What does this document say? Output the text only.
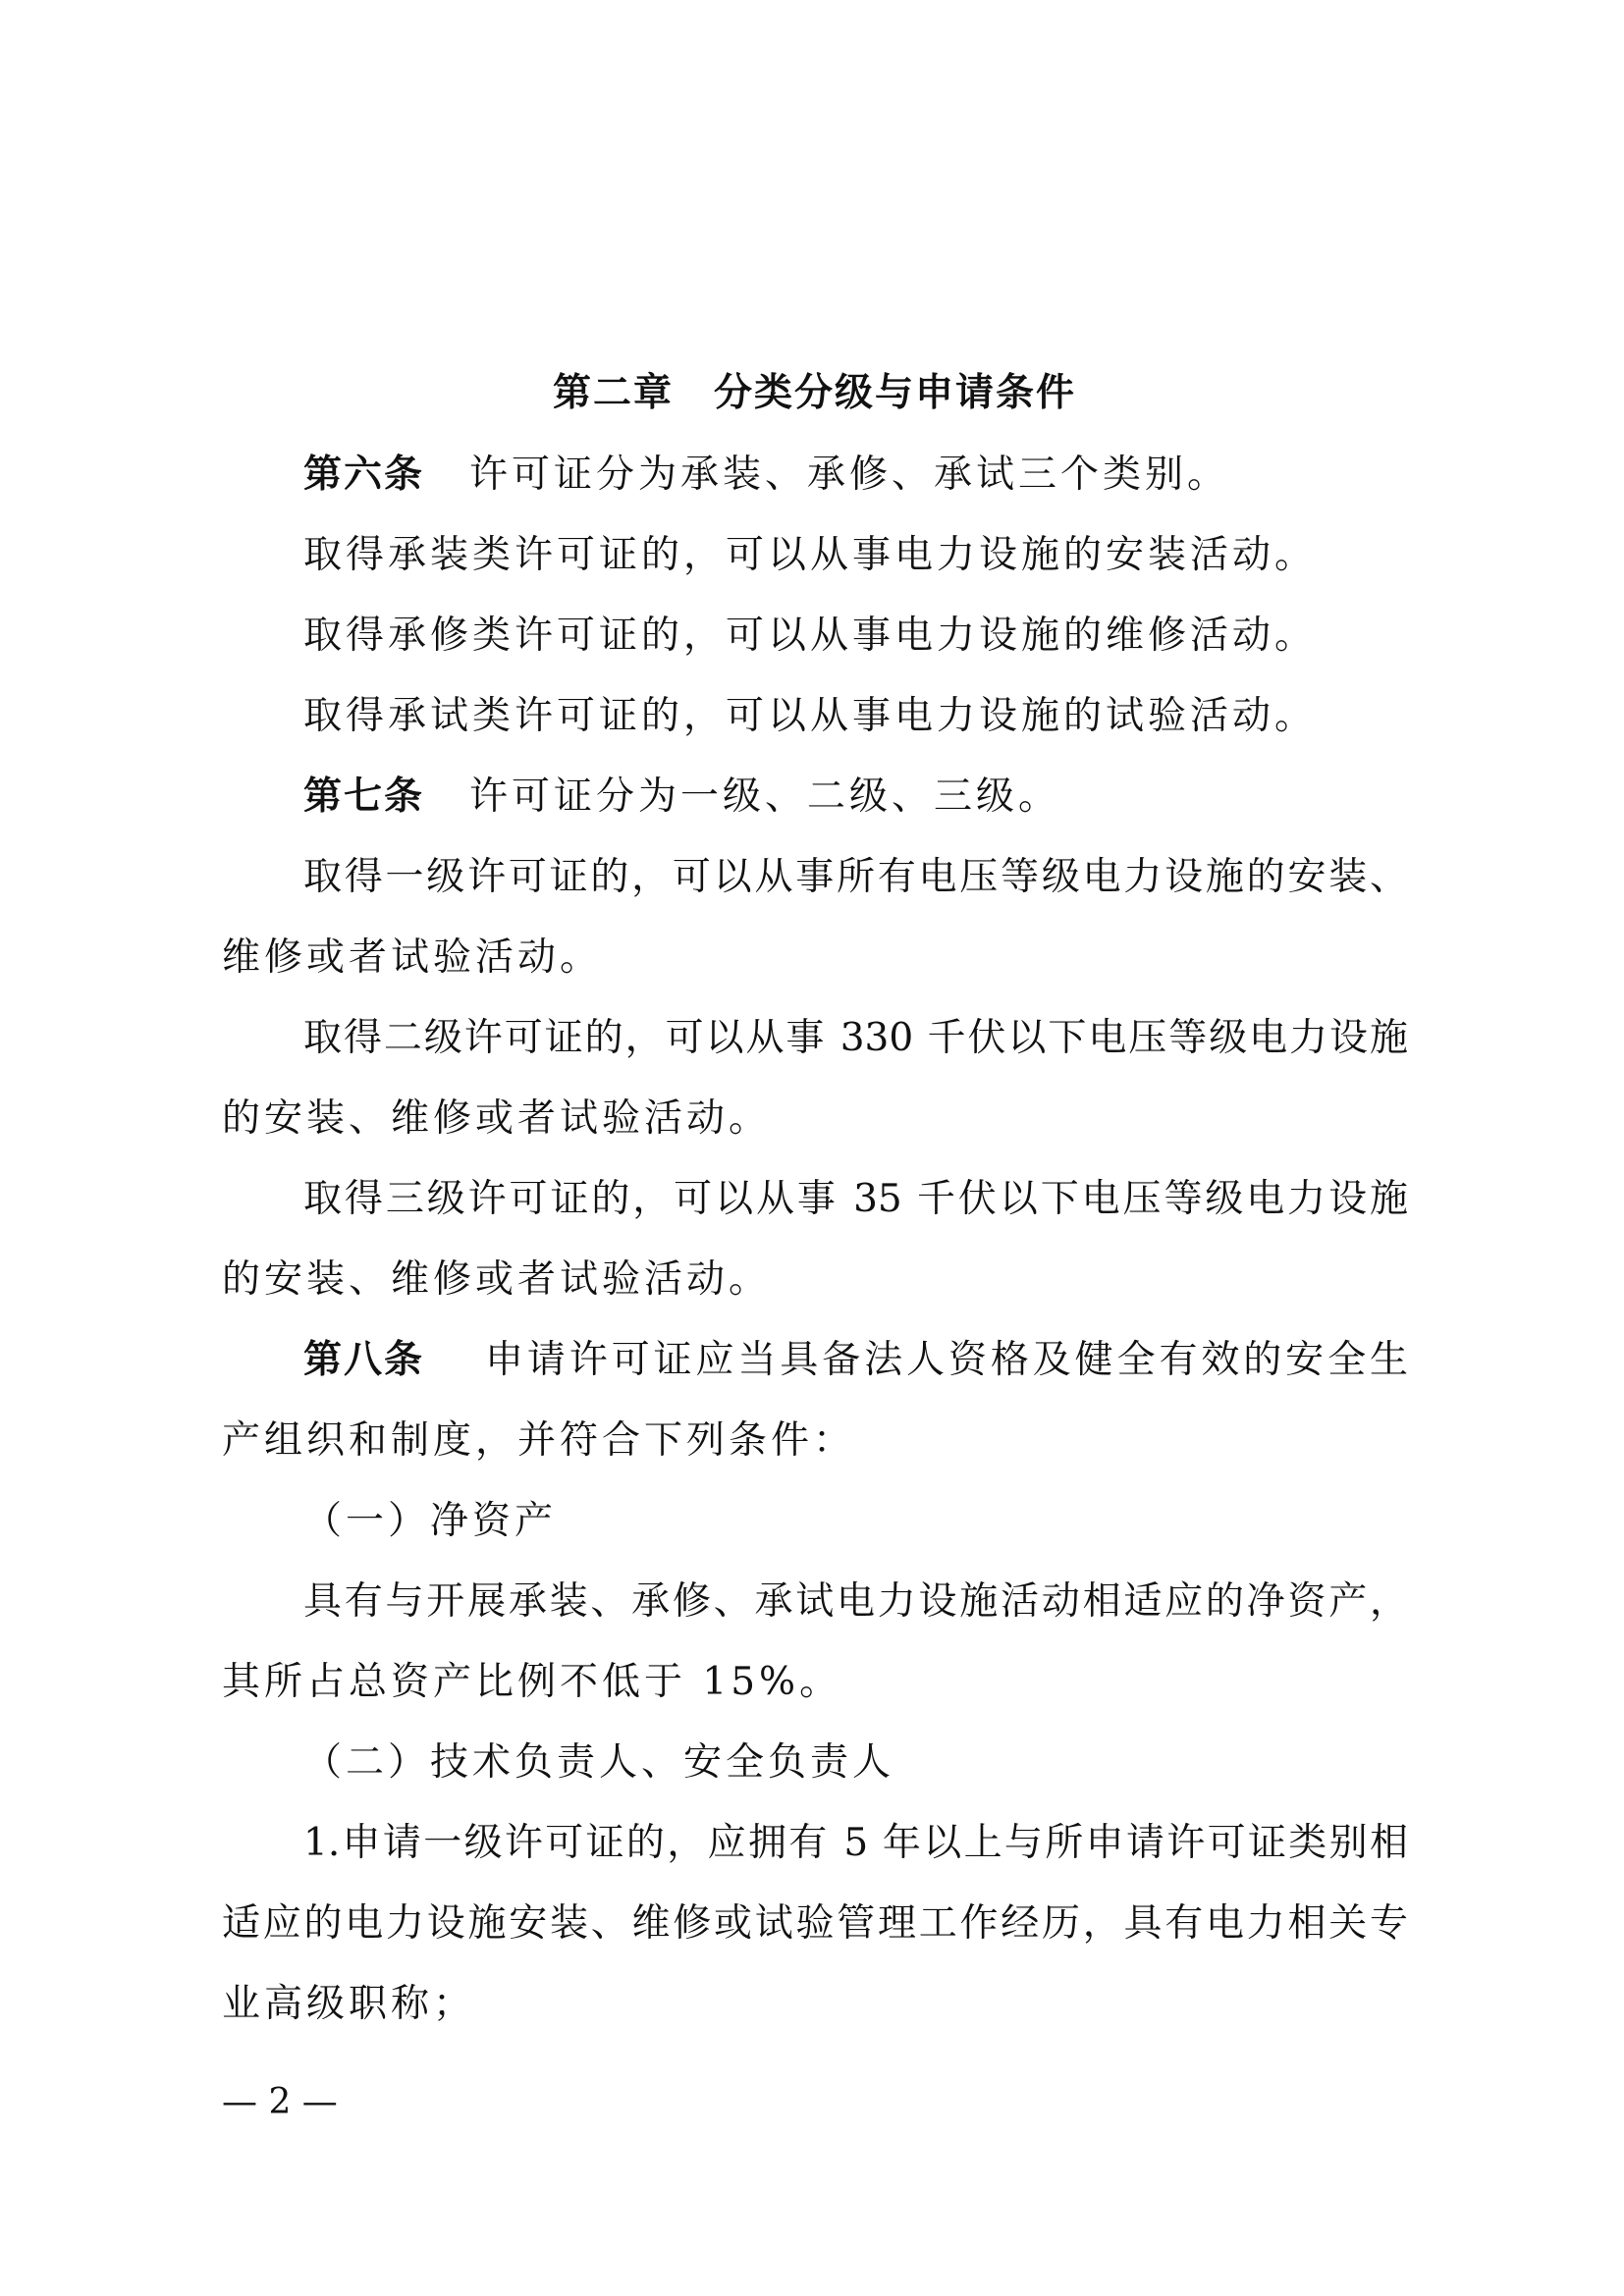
第二章　分类分级与申请条件
第六条 许可证分为承装、承修、承试三个类别。
取得承装类许可证的，可以从事电力设施的安装活动。
取得承修类许可证的，可以从事电力设施的维修活动。
取得承试类许可证的，可以从事电力设施的试验活动。
第七条 许可证分为一级、二级、三级。
取得一级许可证的，可以从事所有电压等级电力设施的安装、
维修或者试验活动。
取得二级许可证的，可以从事 330 千伏以下电压等级电力设施
的安装、维修或者试验活动。
取得三级许可证的，可以从事 35 千伏以下电压等级电力设施
的安装、维修或者试验活动。
第八条 申请许可证应当具备法人资格及健全有效的安全生
产组织和制度，并符合下列条件：
（一）净资产
具有与开展承装、承修、承试电力设施活动相适应的净资产，
其所占总资产比例不低于 15%。
（二）技术负责人、安全负责人
1.申请一级许可证的，应拥有 5 年以上与所申请许可证类别相
适应的电力设施安装、维修或试验管理工作经历，具有电力相关专
业高级职称；
— 2 —
